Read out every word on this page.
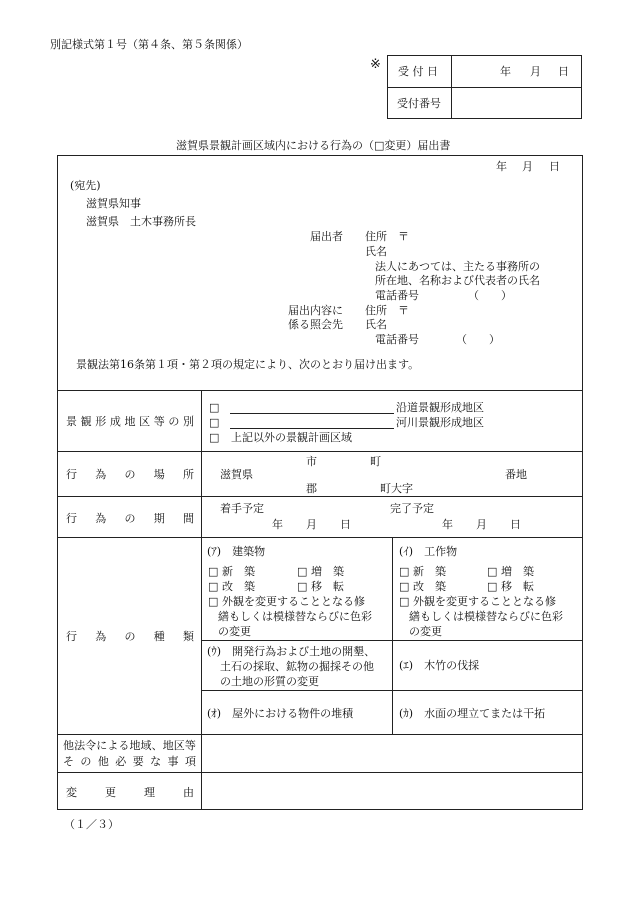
別記様式第１号（第４条、第５条関係）
※ 受 付 日	年 月 日
受付番号
滋賀県景観計画区域内における行為の（□変更）届出書
年 月 日
(宛先)
滋賀県知事
滋賀県　土木事務所長
届出者 住所　〒
氏名
法人にあつては、主たる事務所の
所在地、名称および代表者の氏名
電話番号	（　　）
届出内容に 住所　〒
係る照会先 氏名
電話番号	（　　）
景観法第16条第１項・第２項の規定により、次のとおり届け出ます。
景 観 形 成 地 区 等 の 別
□	沿道景観形成地区
□	河川景観形成地区
□ 上記以外の景観計画区域
行 為 の 場 所
市	町
滋賀県	番地
郡	町大字
行 為 の 期 間
着手予定
年 月 日
完了予定
年 月 日
行 為 の 種 類
(ｱ)　建築物
□ 新　築	□ 増　築
□ 改　築	□ 移　転
□ 外観を変更することとなる修
繕もしくは模様替ならびに色彩
の変更
(ｲ)　工作物
□ 新　築	□ 増　築
□ 改　築	□ 移　転
□ 外観を変更することとなる修
繕もしくは模様替ならびに色彩
の変更
(ｳ)　開発行為および土地の開墾、
土石の採取、鉱物の掘採その他
の土地の形質の変更
(ｴ)　木竹の伐採
(ｵ)　屋外における物件の堆積	(ｶ)　水面の埋立てまたは干拓
他 法 令 に よ る 地 域 、 地 区 等
そ の 他 必 要 な 事 項
変	更	理	由
（１／３）
